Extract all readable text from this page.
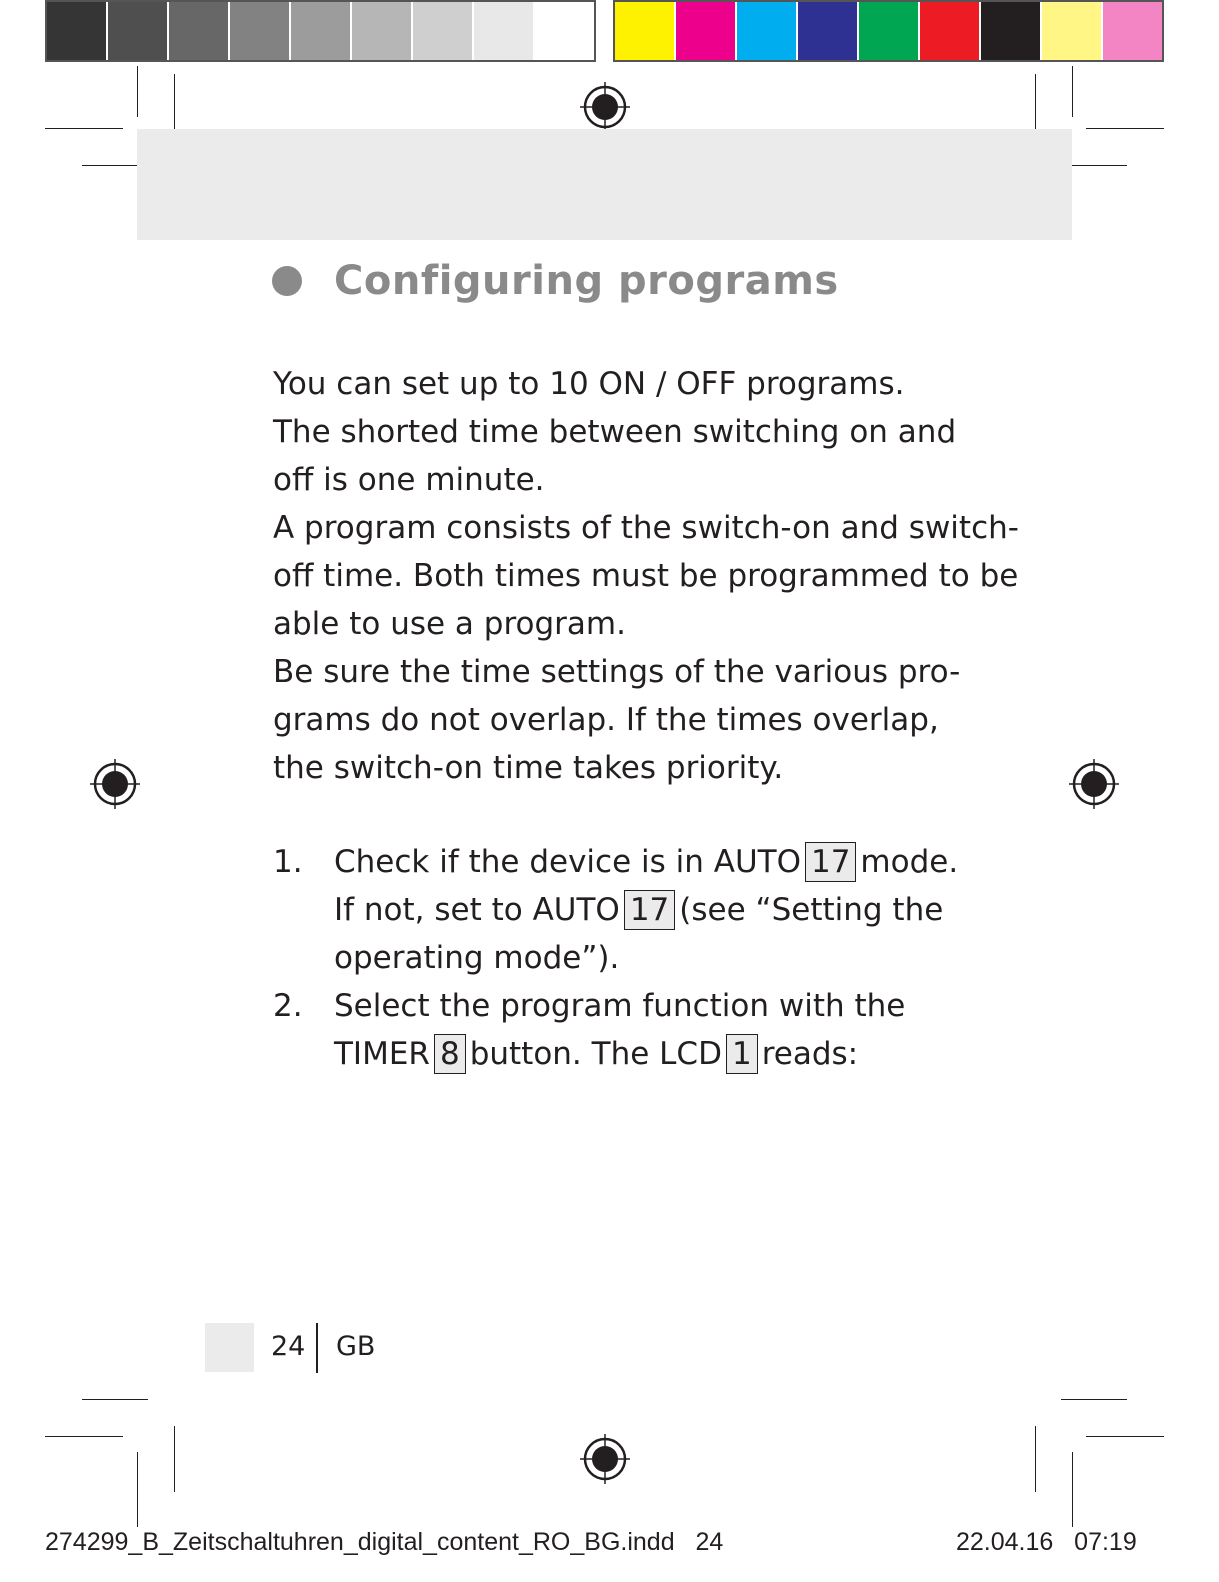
Configuring programs

You can set up to 10 ON / OFF programs.

The shorted time between switching on and

off is one minute.

A program consists of the switch-on and switch-

off time. Both times must be programmed to be

able to use a program.

Be sure the time settings of the various pro-

grams do not overlap. If the times overlap,

the switch-on time takes priority.

1.	Check if the device is in AUTO 17 mode.

If not, set to AUTO 17 (see “Setting the

operating mode”).

2.	Select the program function with the

TIMER 8 button. The LCD 1 reads:

24 GB
274299_B_Zeitschaltuhren_digital_content_RO_BG.indd 24	22.04.16 07:19
